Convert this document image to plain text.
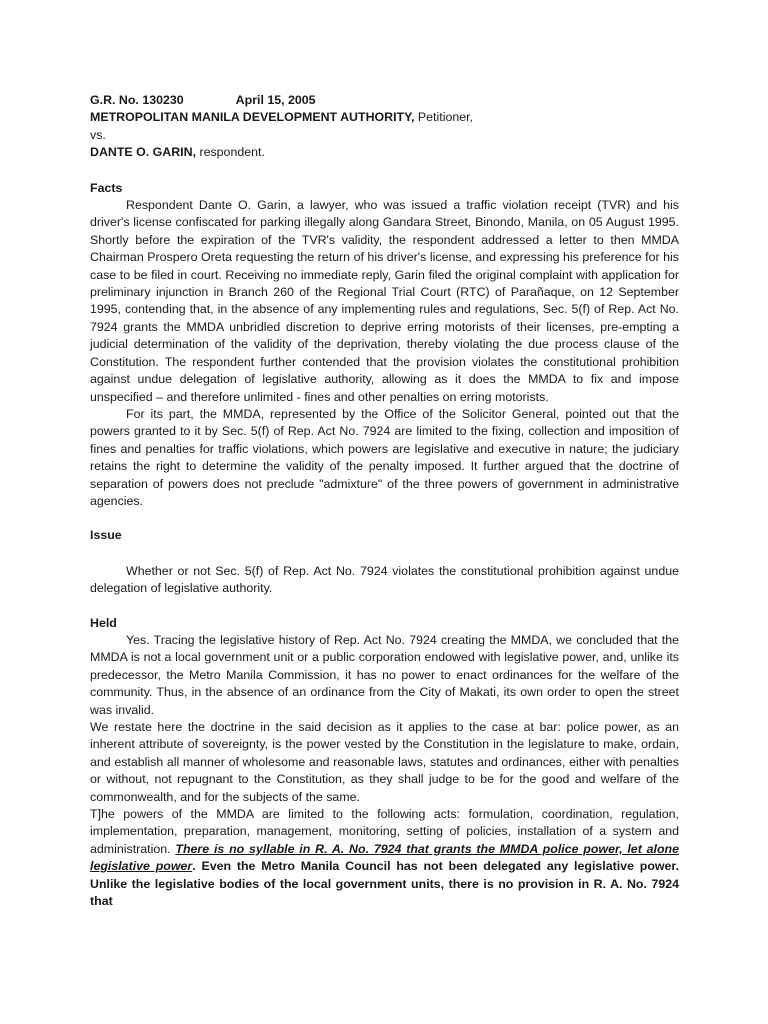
G.R. No. 130230	April 15, 2005

METROPOLITAN MANILA DEVELOPMENT AUTHORITY, Petitioner,

vs.

DANTE O. GARIN, respondent.

Facts

Respondent Dante O. Garin, a lawyer, who was issued a traffic violation receipt (TVR) and his driver's license confiscated for parking illegally along Gandara Street, Binondo, Manila, on 05 August 1995. Shortly before the expiration of the TVR's validity, the respondent addressed a letter to then MMDA Chairman Prospero Oreta requesting the return of his driver's license, and expressing his preference for his case to be filed in court. Receiving no immediate reply, Garin filed the original complaint with application for preliminary injunction in Branch 260 of the Regional Trial Court (RTC) of Parañaque, on 12 September 1995, contending that, in the absence of any implementing rules and regulations, Sec. 5(f) of Rep. Act No. 7924 grants the MMDA unbridled discretion to deprive erring motorists of their licenses, pre-empting a judicial determination of the validity of the deprivation, thereby violating the due process clause of the Constitution. The respondent further contended that the provision violates the constitutional prohibition against undue delegation of legislative authority, allowing as it does the MMDA to fix and impose unspecified – and therefore unlimited - fines and other penalties on erring motorists.

For its part, the MMDA, represented by the Office of the Solicitor General, pointed out that the powers granted to it by Sec. 5(f) of Rep. Act No. 7924 are limited to the fixing, collection and imposition of fines and penalties for traffic violations, which powers are legislative and executive in nature; the judiciary retains the right to determine the validity of the penalty imposed. It further argued that the doctrine of separation of powers does not preclude "admixture" of the three powers of government in administrative agencies.

Issue

Whether or not Sec. 5(f) of Rep. Act No. 7924 violates the constitutional prohibition against undue delegation of legislative authority.

Held

Yes. Tracing the legislative history of Rep. Act No. 7924 creating the MMDA, we concluded that the MMDA is not a local government unit or a public corporation endowed with legislative power, and, unlike its predecessor, the Metro Manila Commission, it has no power to enact ordinances for the welfare of the community. Thus, in the absence of an ordinance from the City of Makati, its own order to open the street was invalid.

We restate here the doctrine in the said decision as it applies to the case at bar: police power, as an inherent attribute of sovereignty, is the power vested by the Constitution in the legislature to make, ordain, and establish all manner of wholesome and reasonable laws, statutes and ordinances, either with penalties or without, not repugnant to the Constitution, as they shall judge to be for the good and welfare of the commonwealth, and for the subjects of the same.

T]he powers of the MMDA are limited to the following acts: formulation, coordination, regulation, implementation, preparation, management, monitoring, setting of policies, installation of a system and administration. There is no syllable in R. A. No. 7924 that grants the MMDA police power, let alone legislative power. Even the Metro Manila Council has not been delegated any legislative power. Unlike the legislative bodies of the local government units, there is no provision in R. A. No. 7924 that
